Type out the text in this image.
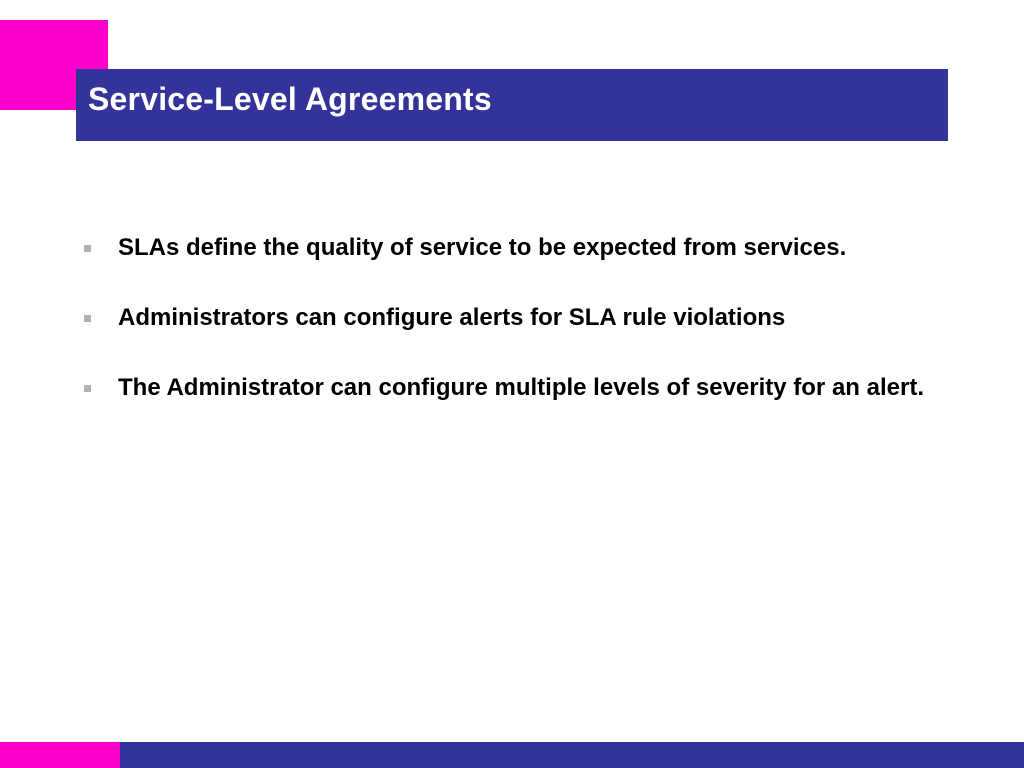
Service-Level Agreements
SLAs define the quality of service to be expected from services.
Administrators can configure alerts for SLA rule violations
The Administrator can configure multiple levels of severity for an alert.
